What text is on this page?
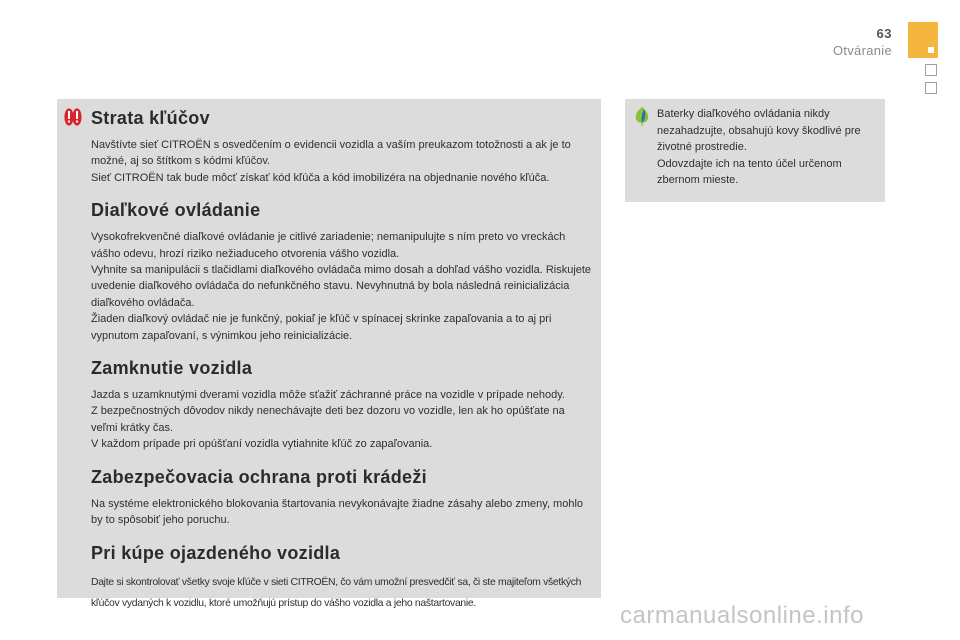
63
Otváranie
Strata kľúčov

Navštívte sieť CITROËN s osvedčením o evidencii vozidla a vaším preukazom totožnosti a ak je to možné, aj so štítkom s kódmi kľúčov.
Sieť CITROËN tak bude môcť získať kód kľúča a kód imobilizéra na objednanie nového kľúča.

Diaľkové ovládanie

Vysokofrekvenčné diaľkové ovládanie je citlivé zariadenie; nemanipulujte s ním preto vo vreckách vášho odevu, hrozí riziko nežiaduceho otvorenia vášho vozidla.
Vyhnite sa manipulácii s tlačidlami diaľkového ovládača mimo dosah a dohľad vášho vozidla. Riskujete uvedenie diaľkového ovládača do nefunkčného stavu. Nevyhnutná by bola následná reinicializácia diaľkového ovládača.
Žiaden diaľkový ovládač nie je funkčný, pokiaľ je kľúč v spínacej skrinke zapaľovania a to aj pri vypnutom zapaľovaní, s výnimkou jeho reinicializácie.

Zamknutie vozidla

Jazda s uzamknutými dverami vozidla môže sťažiť záchranné práce na vozidle v prípade nehody.
Z bezpečnostných dôvodov nikdy nenechávajte deti bez dozoru vo vozidle, len ak ho opúšťate na veľmi krátky čas.
V každom prípade pri opúšťaní vozidla vytiahnite kľúč zo zapaľovania.

Zabezpečovacia ochrana proti krádeži

Na systéme elektronického blokovania štartovania nevykonávajte žiadne zásahy alebo zmeny, mohlo by to spôsobiť jeho poruchu.

Pri kúpe ojazdeného vozidla

Dajte si skontrolovať všetky svoje kľúče v sieti CITROËN, čo vám umožní presvedčiť sa, či ste majiteľom všetkých kľúčov vydaných k vozidlu, ktoré umožňujú prístup do vášho vozidla a jeho naštartovanie.

Baterky diaľkového ovládania nikdy nezahadzujte, obsahujú kovy škodlivé pre životné prostredie.
Odovzdajte ich na tento účel určenom zbernom mieste.
carmanualsonline.info
